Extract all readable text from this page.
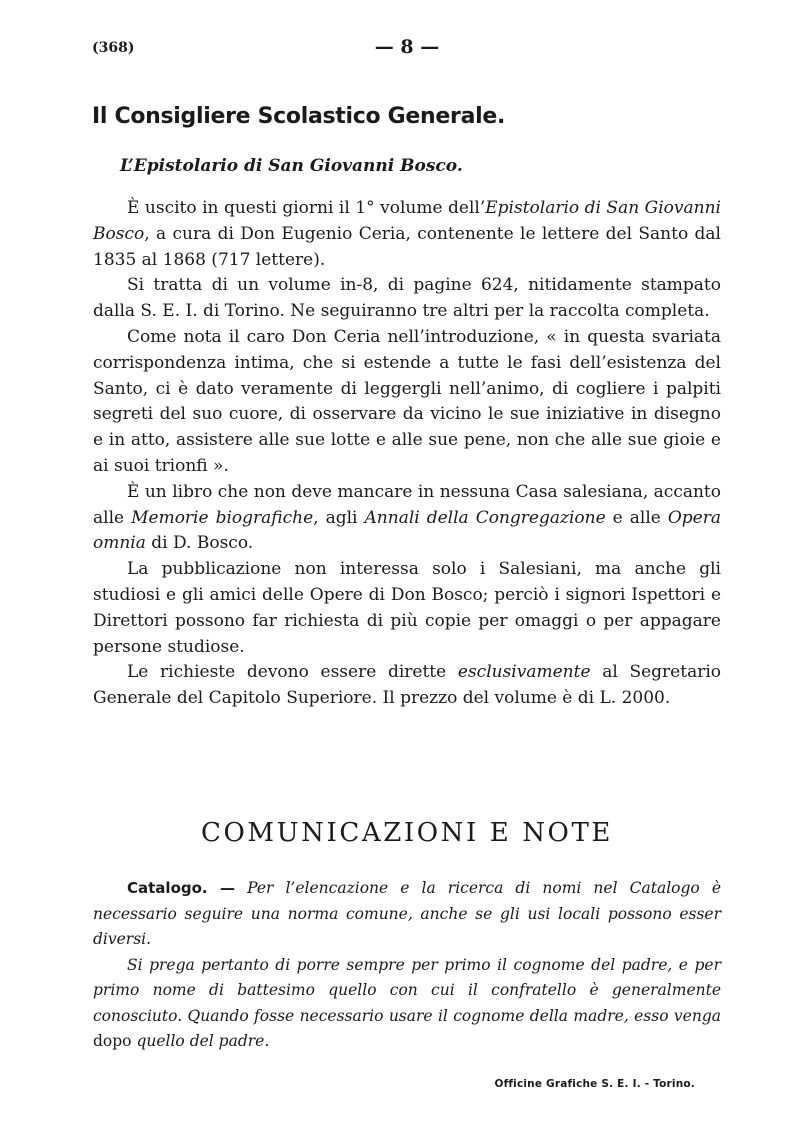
(368)	— 8 —
Il Consigliere Scolastico Generale.
L’Epistolario di San Giovanni Bosco.

È uscito in questi giorni il 1° volume dell’Epistolario di San Giovanni Bosco, a cura di Don Eugenio Ceria, contenente le lettere del Santo dal 1835 al 1868 (717 lettere).

Si tratta di un volume in-8, di pagine 624, nitidamente stampato dalla S. E. I. di Torino. Ne seguiranno tre altri per la raccolta completa.

Come nota il caro Don Ceria nell’introduzione, « in questa svariata corrispondenza intima, che si estende a tutte le fasi dell’esistenza del Santo, ci è dato veramente di leggergli nell’animo, di cogliere i palpiti segreti del suo cuore, di osservare da vicino le sue iniziative in disegno e in atto, assistere alle sue lotte e alle sue pene, non che alle sue gioie e ai suoi trionfi ».

È un libro che non deve mancare in nessuna Casa salesiana, accanto alle Memorie biografiche, agli Annali della Congregazione e alle Opera omnia di D. Bosco.

La pubblicazione non interessa solo i Salesiani, ma anche gli studiosi e gli amici delle Opere di Don Bosco; perciò i signori Ispettori e Direttori possono far richiesta di più copie per omaggi o per appagare persone studiose.

Le richieste devono essere dirette esclusivamente al Segretario Generale del Capitolo Superiore. Il prezzo del volume è di L. 2000.

COMUNICAZIONI E NOTE

Catalogo. — Per l’elencazione e la ricerca di nomi nel Catalogo è necessario seguire una norma comune, anche se gli usi locali possono esser diversi.

Si prega pertanto di porre sempre per primo il cognome del padre, e per primo nome di battesimo quello con cui il confratello è generalmente conosciuto. Quando fosse necessario usare il cognome della madre, esso venga dopo quello del padre.

Officine Grafiche S. E. I. - Torino.
